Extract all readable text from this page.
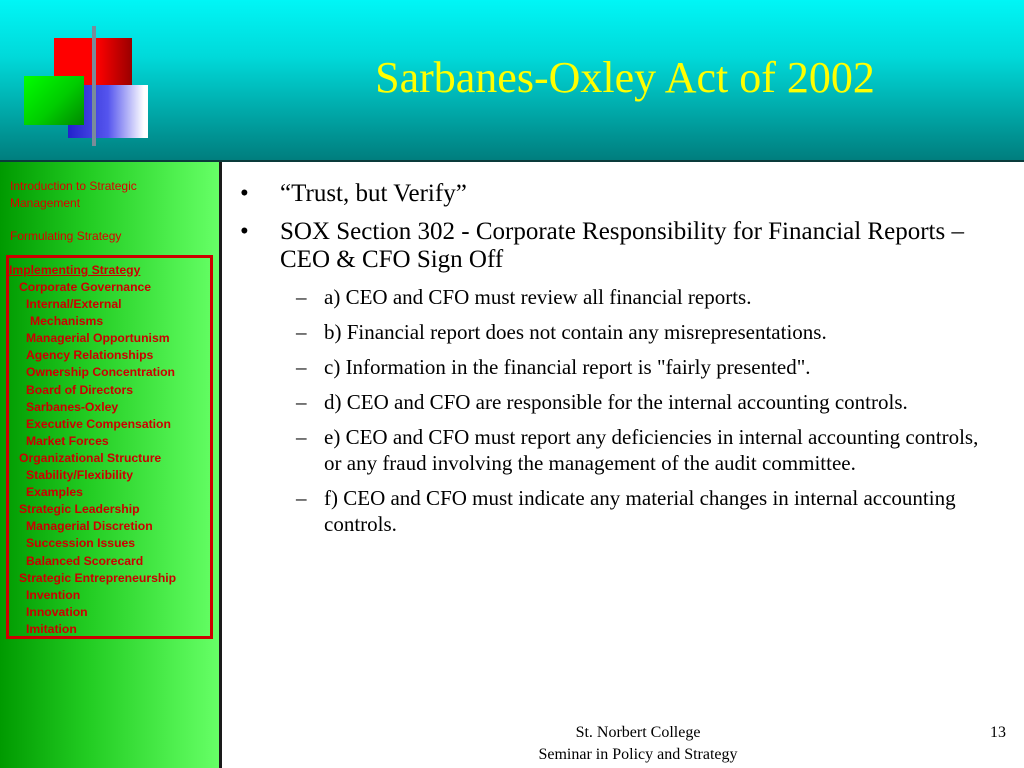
Sarbanes-Oxley Act of 2002
Introduction to Strategic Management
Formulating Strategy
Implementing Strategy
Corporate Governance
Internal/External
Mechanisms
Managerial Opportunism
Agency Relationships
Ownership Concentration
Board of Directors
Sarbanes-Oxley
Executive Compensation
Market Forces
Organizational Structure
Stability/Flexibility
Examples
Strategic Leadership
Managerial Discretion
Succession Issues
Balanced Scorecard
Strategic Entrepreneurship
Invention
Innovation
Imitation
• “Trust, but Verify”
• SOX Section 302 - Corporate Responsibility for Financial Reports – CEO & CFO Sign Off
– a) CEO and CFO must review all financial reports.
– b) Financial report does not contain any misrepresentations.
– c) Information in the financial report is "fairly presented".
– d) CEO and CFO are responsible for the internal accounting controls.
– e) CEO and CFO must report any deficiencies in internal accounting controls, or any fraud involving the management of the audit committee.
– f) CEO and CFO must indicate any material changes in internal accounting controls.
St. Norbert College
Seminar in Policy and Strategy
13
